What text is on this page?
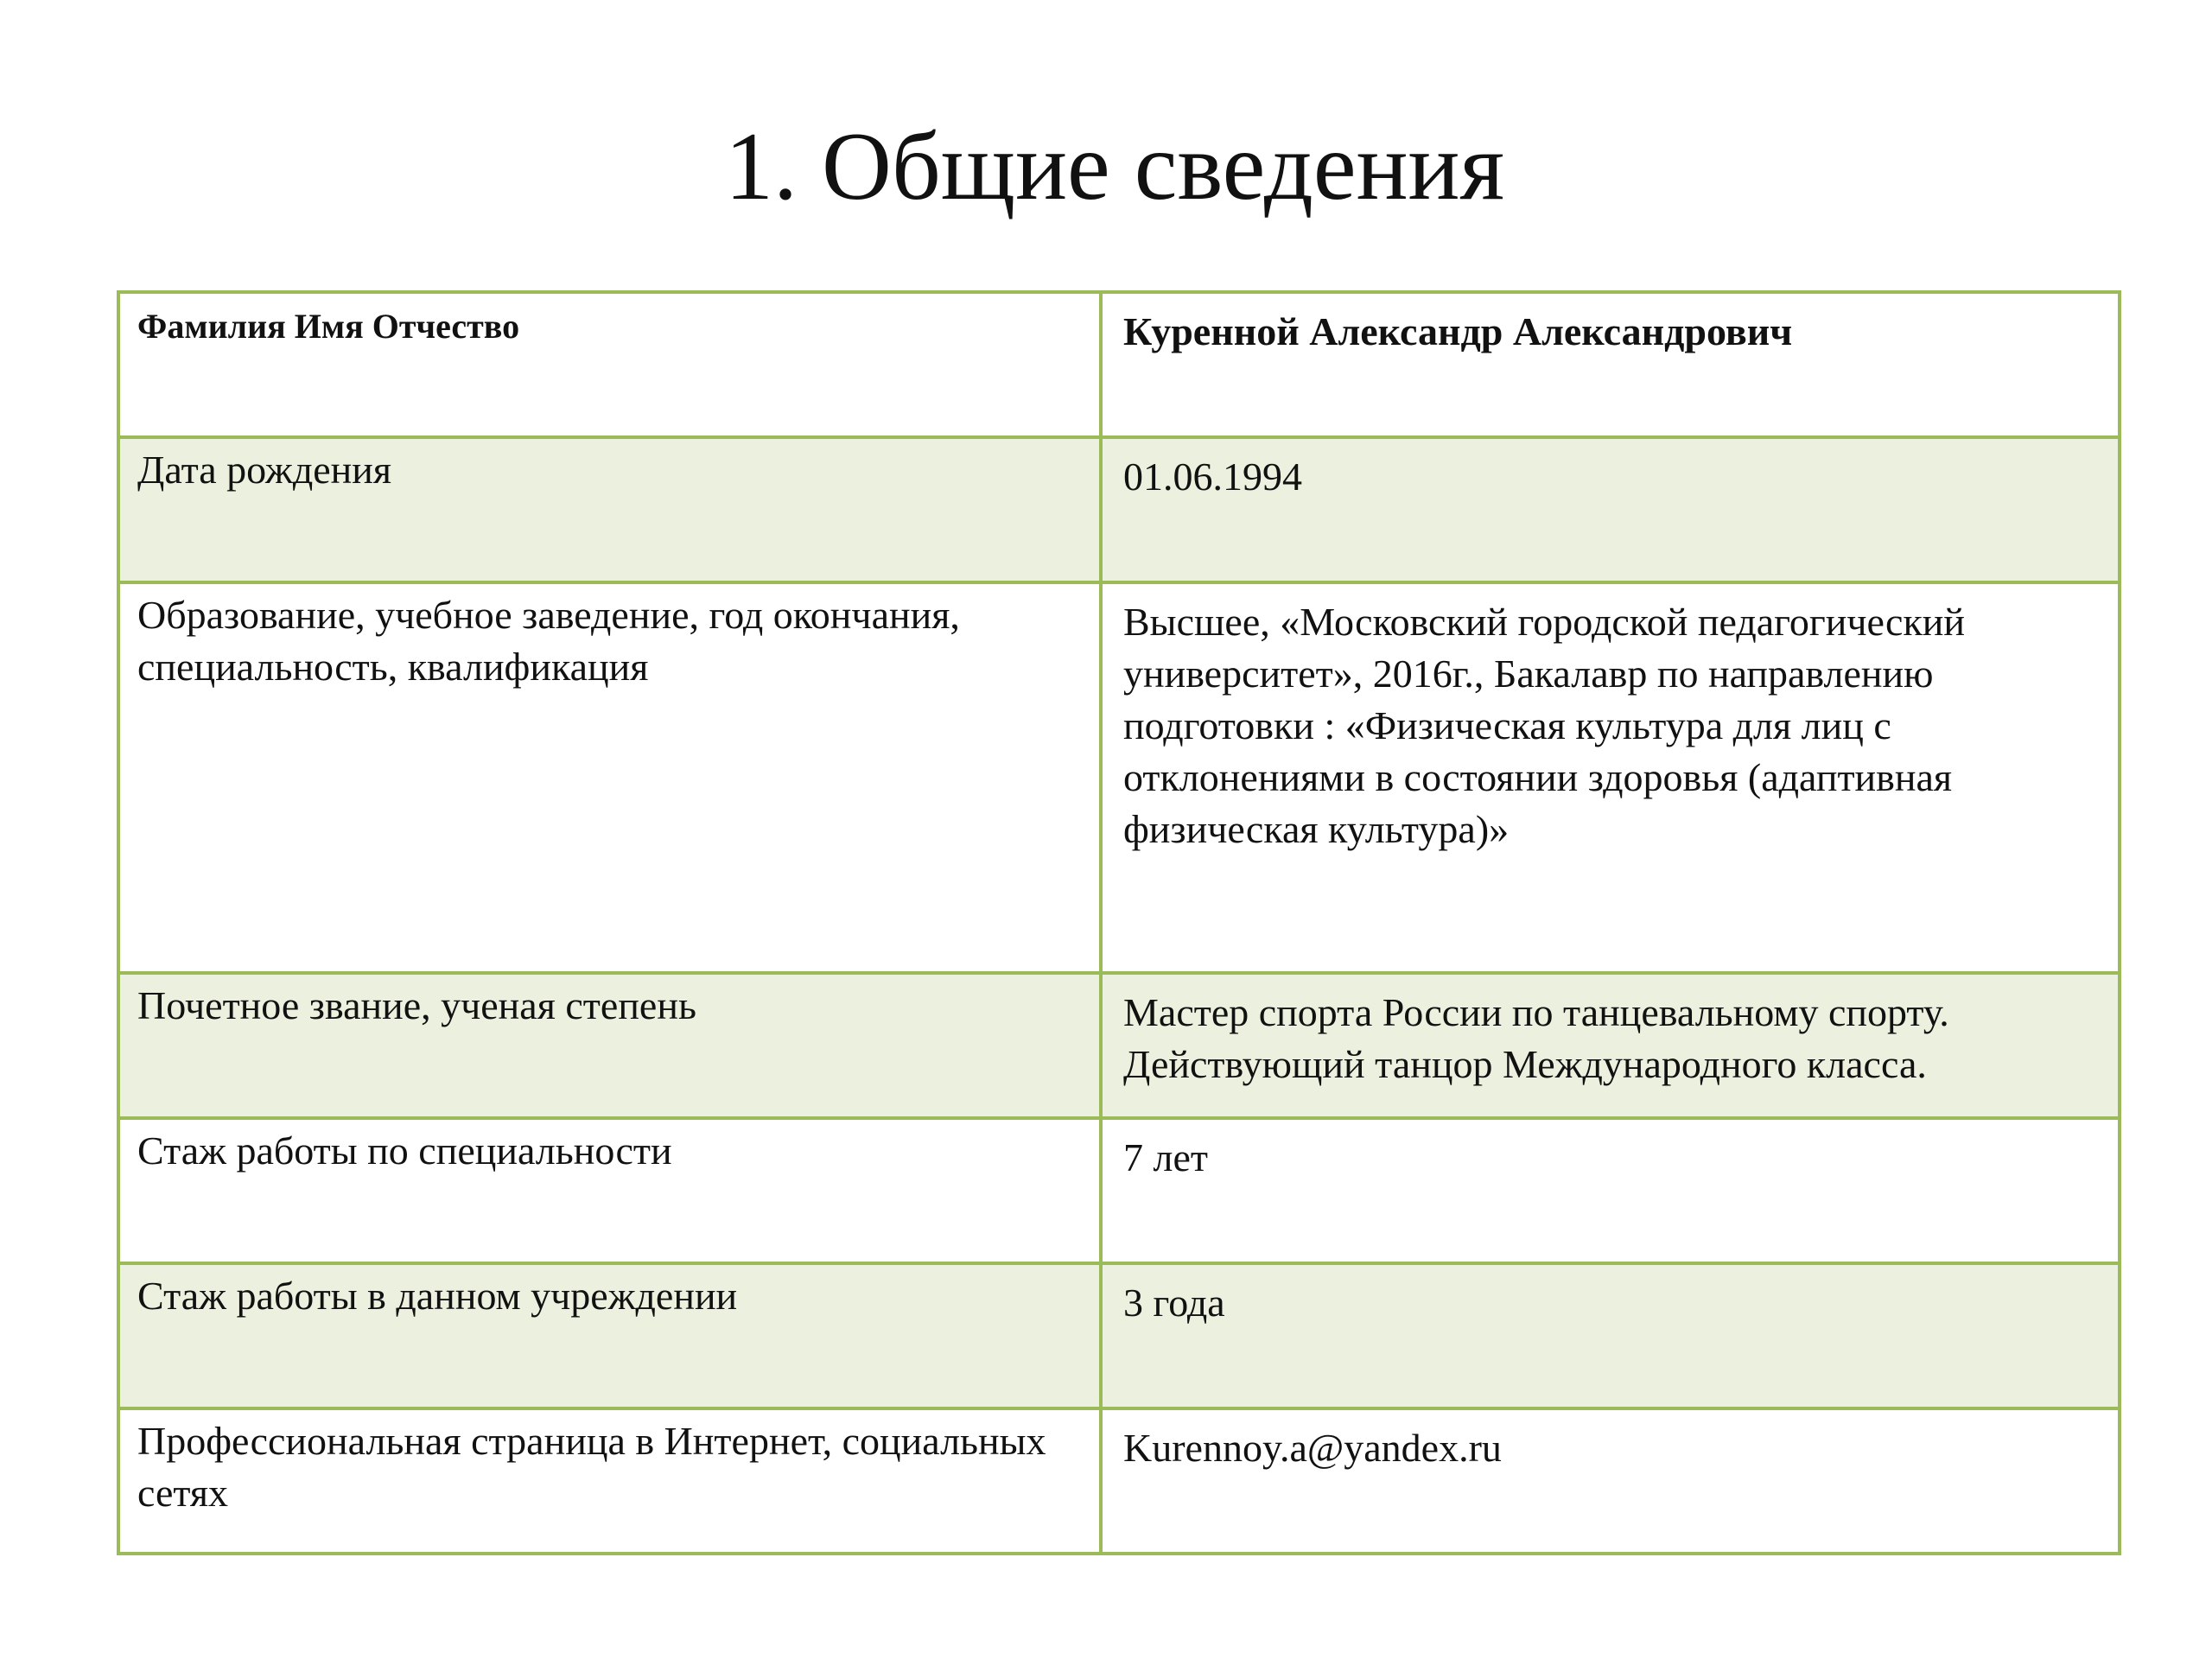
1. Общие сведения
Фамилия Имя Отчество	Куренной Александр Александрович
Дата рождения	01.06.1994
Образование, учебное заведение, год окончания, специальность, квалификация	Высшее, «Московский городской педагогический университет», 2016г., Бакалавр по направлению подготовки : «Физическая культура для лиц с отклонениями в состоянии здоровья (адаптивная физическая культура)»
Почетное звание, ученая степень	Мастер спорта России по танцевальному спорту. Действующий танцор Международного класса.
Стаж работы по специальности	7 лет
Стаж работы в данном учреждении	3 года
Профессиональная страница в Интернет, социальных сетях	Kurennoy.a@yandex.ru
